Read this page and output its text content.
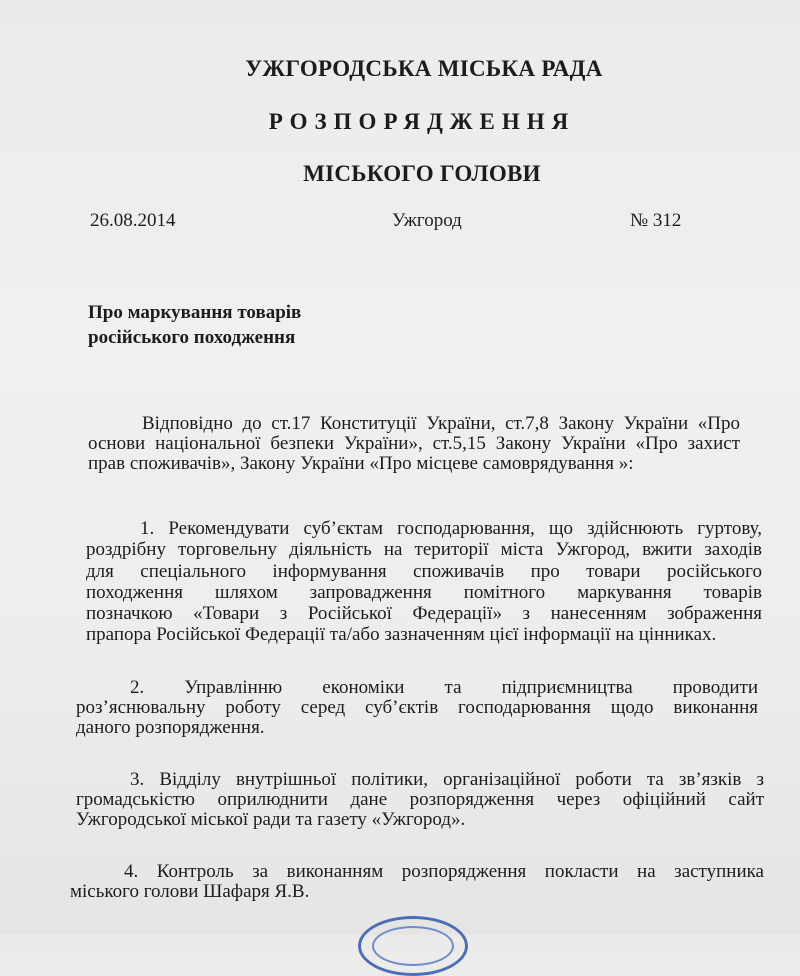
УЖГОРОДСЬКА МІСЬКА РАДА
РОЗПОРЯДЖЕННЯ
МІСЬКОГО ГОЛОВИ
26.08.2014	Ужгород	№ 312
Про маркування товарів
російського походження
Відповідно до ст.17 Конституції України, ст.7,8 Закону України «Про
основи національної безпеки України», ст.5,15 Закону України «Про захист
прав споживачів», Закону України «Про місцеве самоврядування »:
1. Рекомендувати суб’єктам господарювання, що здійснюють гуртову,
роздрібну торговельну діяльність на території міста Ужгород, вжити заходів
для спеціального інформування споживачів про товари російського
походження шляхом запровадження помітного маркування товарів
позначкою «Товари з Російської Федерації» з нанесенням зображення
прапора Російської Федерації та/або зазначенням цієї інформації на цінниках.
2. Управлінню економіки та підприємництва проводити
роз’яснювальну роботу серед суб’єктів господарювання щодо виконання
даного розпорядження.
3. Відділу внутрішньої політики, організаційної роботи та зв’язків з
громадськістю оприлюднити дане розпорядження через офіційний сайт
Ужгородської міської ради та газету «Ужгород».
4. Контроль за виконанням розпорядження покласти на заступника
міського голови Шафаря Я.В.
